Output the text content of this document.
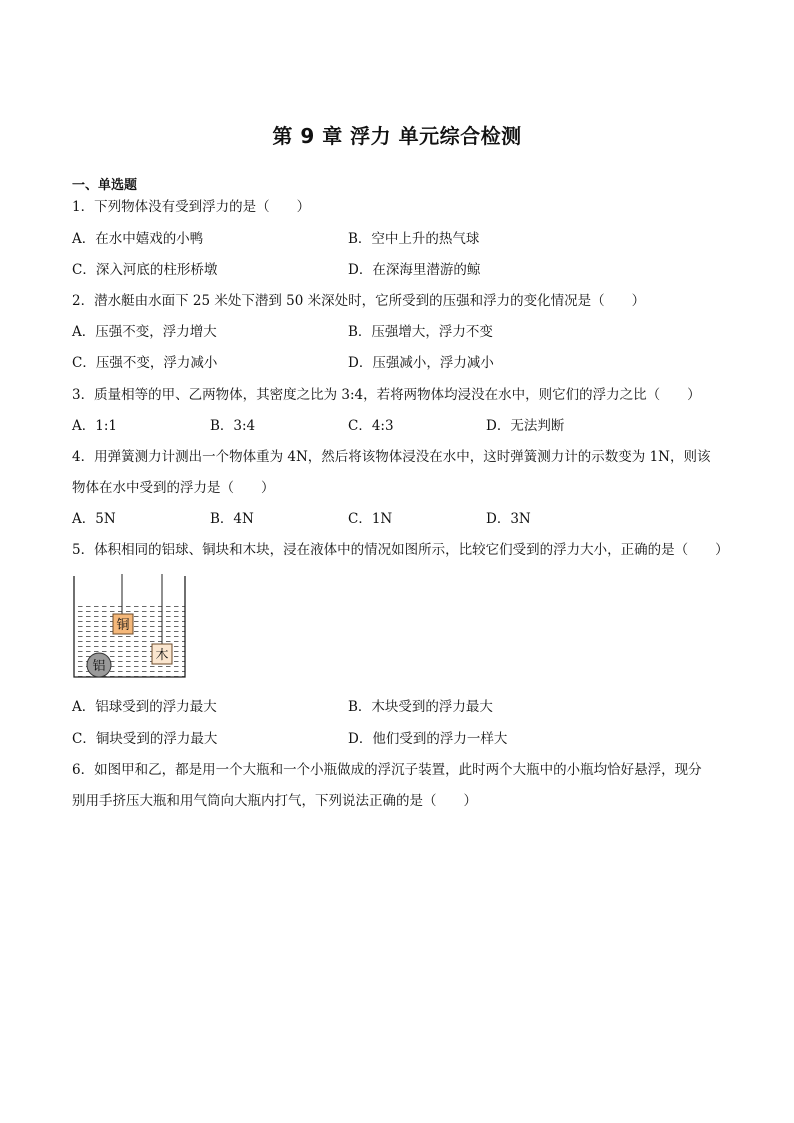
第 9 章 浮力 单元综合检测
一、单选题
1．下列物体没有受到浮力的是（　　）
A．在水中嬉戏的小鸭	B．空中上升的热气球
C．深入河底的柱形桥墩	D．在深海里潜游的鲸
2．潜水艇由水面下 25 米处下潜到 50 米深处时，它所受到的压强和浮力的变化情况是（　　）
A．压强不变，浮力增大	B．压强增大，浮力不变
C．压强不变，浮力减小	D．压强减小，浮力减小
3．质量相等的甲、乙两物体，其密度之比为 3:4，若将两物体均浸没在水中，则它们的浮力之比（　　）
A．1:1	B．3:4	C．4:3	D．无法判断
4．用弹簧测力计测出一个物体重为 4N，然后将该物体浸没在水中，这时弹簧测力计的示数变为 1N，则该
物体在水中受到的浮力是（　　）
A．5N	B．4N	C．1N	D．3N
5．体积相同的铝球、铜块和木块，浸在液体中的情况如图所示，比较它们受到的浮力大小，正确的是（　　）
铜
木
铝
A．铝球受到的浮力最大	B．木块受到的浮力最大
C．铜块受到的浮力最大	D．他们受到的浮力一样大
6．如图甲和乙，都是用一个大瓶和一个小瓶做成的浮沉子装置，此时两个大瓶中的小瓶均恰好悬浮，现分
别用手挤压大瓶和用气筒向大瓶内打气，下列说法正确的是（　　）
